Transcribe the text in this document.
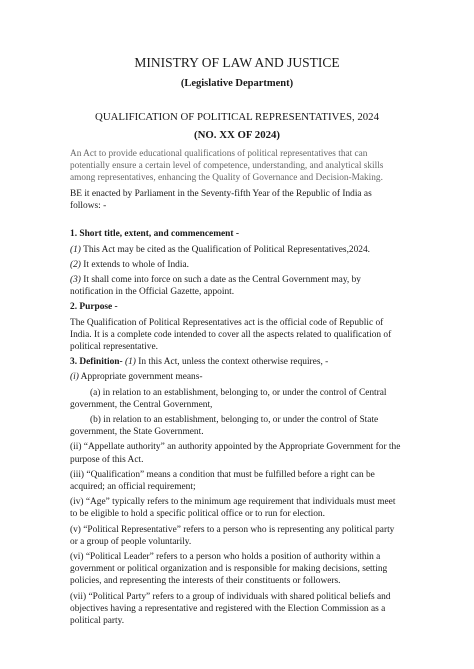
MINISTRY OF LAW AND JUSTICE
(Legislative Department)
QUALIFICATION OF POLITICAL REPRESENTATIVES, 2024
(NO. XX OF 2024)

An Act to provide educational qualifications of political representatives that can potentially ensure a certain level of competence, understanding, and analytical skills among representatives, enhancing the Quality of Governance and Decision-Making.

BE it enacted by Parliament in the Seventy-fifth Year of the Republic of India as follows: -

1. Short title, extent, and commencement -

(1) This Act may be cited as the Qualification of Political Representatives,2024.

(2) It extends to whole of India.

(3) It shall come into force on such a date as the Central Government may, by notification in the Official Gazette, appoint.

2. Purpose -

The Qualification of Political Representatives act is the official code of Republic of India. It is a complete code intended to cover all the aspects related to qualification of political representative.

3. Definition- (1) In this Act, unless the context otherwise requires, -

(i) Appropriate government means-

(a) in relation to an establishment, belonging to, or under the control of Central government, the Central Government,

(b) in relation to an establishment, belonging to, or under the control of State government, the State Government.

(ii) “Appellate authority” an authority appointed by the Appropriate Government for the purpose of this Act.

(iii) “Qualification” means a condition that must be fulfilled before a right can be acquired; an official requirement;

(iv) “Age” typically refers to the minimum age requirement that individuals must meet to be eligible to hold a specific political office or to run for election.

(v) “Political Representative” refers to a person who is representing any political party or a group of people voluntarily.

(vi) “Political Leader” refers to a person who holds a position of authority within a government or political organization and is responsible for making decisions, setting policies, and representing the interests of their constituents or followers.

(vii) “Political Party” refers to a group of individuals with shared political beliefs and objectives having a representative and registered with the Election Commission as a political party.
